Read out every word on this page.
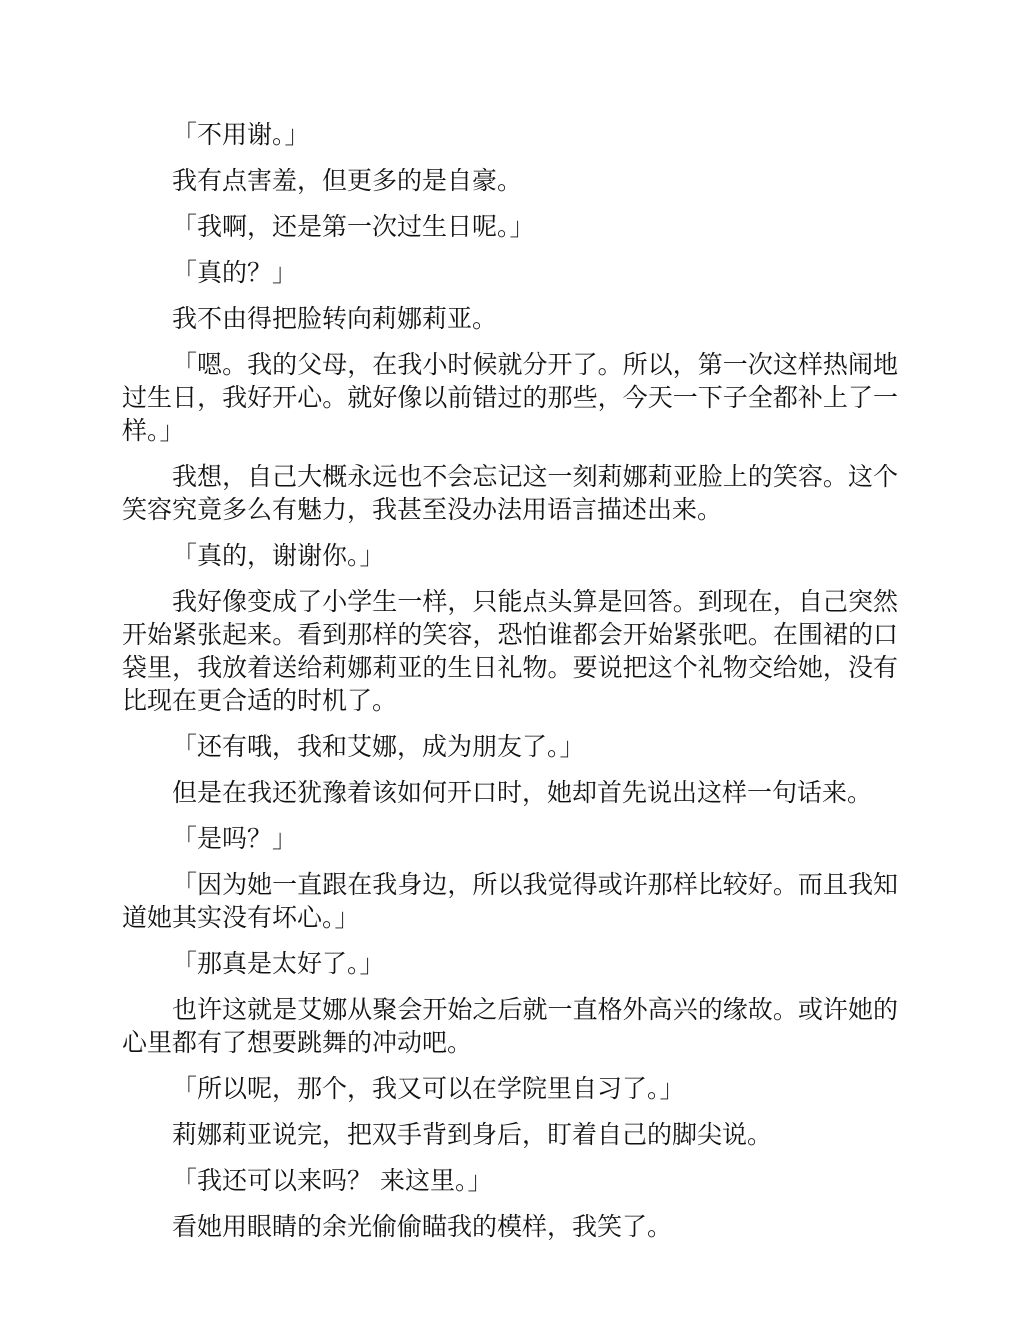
「不用谢。」

我有点害羞，但更多的是自豪。

「我啊，还是第一次过生日呢。」

「真的？」

我不由得把脸转向莉娜莉亚。

「嗯。我的父母，在我小时候就分开了。所以，第一次这样热闹地过生日，我好开心。就好像以前错过的那些，今天一下子全都补上了一样。」

我想，自己大概永远也不会忘记这一刻莉娜莉亚脸上的笑容。这个笑容究竟多么有魅力，我甚至没办法用语言描述出来。

「真的，谢谢你。」

我好像变成了小学生一样，只能点头算是回答。到现在，自己突然开始紧张起来。看到那样的笑容，恐怕谁都会开始紧张吧。在围裙的口袋里，我放着送给莉娜莉亚的生日礼物。要说把这个礼物交给她，没有比现在更合适的时机了。

「还有哦，我和艾娜，成为朋友了。」

但是在我还犹豫着该如何开口时，她却首先说出这样一句话来。

「是吗？」

「因为她一直跟在我身边，所以我觉得或许那样比较好。而且我知道她其实没有坏心。」

「那真是太好了。」

也许这就是艾娜从聚会开始之后就一直格外高兴的缘故。或许她的心里都有了想要跳舞的冲动吧。

「所以呢，那个，我又可以在学院里自习了。」

莉娜莉亚说完，把双手背到身后，盯着自己的脚尖说。

「我还可以来吗？ 来这里。」

看她用眼睛的余光偷偷瞄我的模样，我笑了。
